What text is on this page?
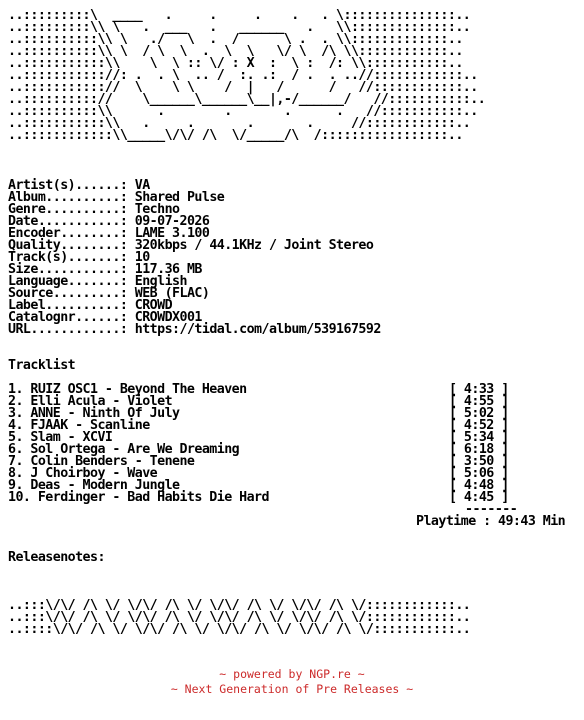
..:::::::::\  ____   .     .     .    .   . \:::::::::::::::..
..:::::::::\\ \   .  ___   .   ______   .   \\::::::::::::::..
..::::::::::\\ \   ./   \  .  /      \ .  . \\:::::::::::::..
..::::::::::\\ \  / \  \  .  \  \   \/ \  /\ \\::::::::::::..
..:::::::::::\\    \  \ :: \/ : X  :  \ :  /: \\:::::::::::..
..::::::::::://: .  . \  .. /  :. .:  / .  . ..//::::::::::::..
..::::::::::://  \    \ \    /  |   /      /   //::::::::::::..
..:::::::::://    \______\______\__|,-/______/   //:::::::::::..
..::::::::::\\      .        .       .      .   //:::::::::::..
..:::::::::::\\   .     .       .       .     //::::::::::::..
..::::::::::::\\_____\/\/ /\  \/_____/\  /:::::::::::::::::..
Artist(s)......: VA
Album..........: Shared Pulse
Genre..........: Techno
Date...........: 09-07-2026
Encoder........: LAME 3.100
Quality........: 320kbps / 44.1KHz / Joint Stereo
Track(s).......: 10
Size...........: 117.36 MB
Language.......: English
Source.........: WEB (FLAC)
Label..........: CROWD
Catalognr......: CROWDX001
URL............: https://tidal.com/album/539167592
Tracklist
1. RUIZ OSC1 - Beyond The Heaven	[ 4:33 ]
2. Elli Acula - Violet	[ 4:55 ]
3. ANNE - Ninth Of July	[ 5:02 ]
4. FJAAK - Scanline	[ 4:52 ]
5. Slam - XCVI	[ 5:34 ]
6. Sol Ortega - Are We Dreaming	[ 6:18 ]
7. Colin Benders - Tenene	[ 3:50 ]
8. J Choirboy - Wave	[ 5:06 ]
9. Deas - Modern Jungle	[ 4:48 ]
10. Ferdinger - Bad Habits Die Hard	[ 4:45 ]
-------
Playtime : 49:43 Min
Releasenotes:
..:::\/\/ /\ \/ \/\/ /\ \/ \/\/ /\ \/ \/\/ /\ \/::::::::::::..
..:::\/\/ /\ \/ \/\/ /\ \/ \/\/ /\ \/ \/\/ /\ \/::::::::::::..
..::::\/\/ /\ \/ \/\/ /\ \/ \/\/ /\ \/ \/\/ /\ \/:::::::::::..
~ powered by NGP.re ~
~ Next Generation of Pre Releases ~
